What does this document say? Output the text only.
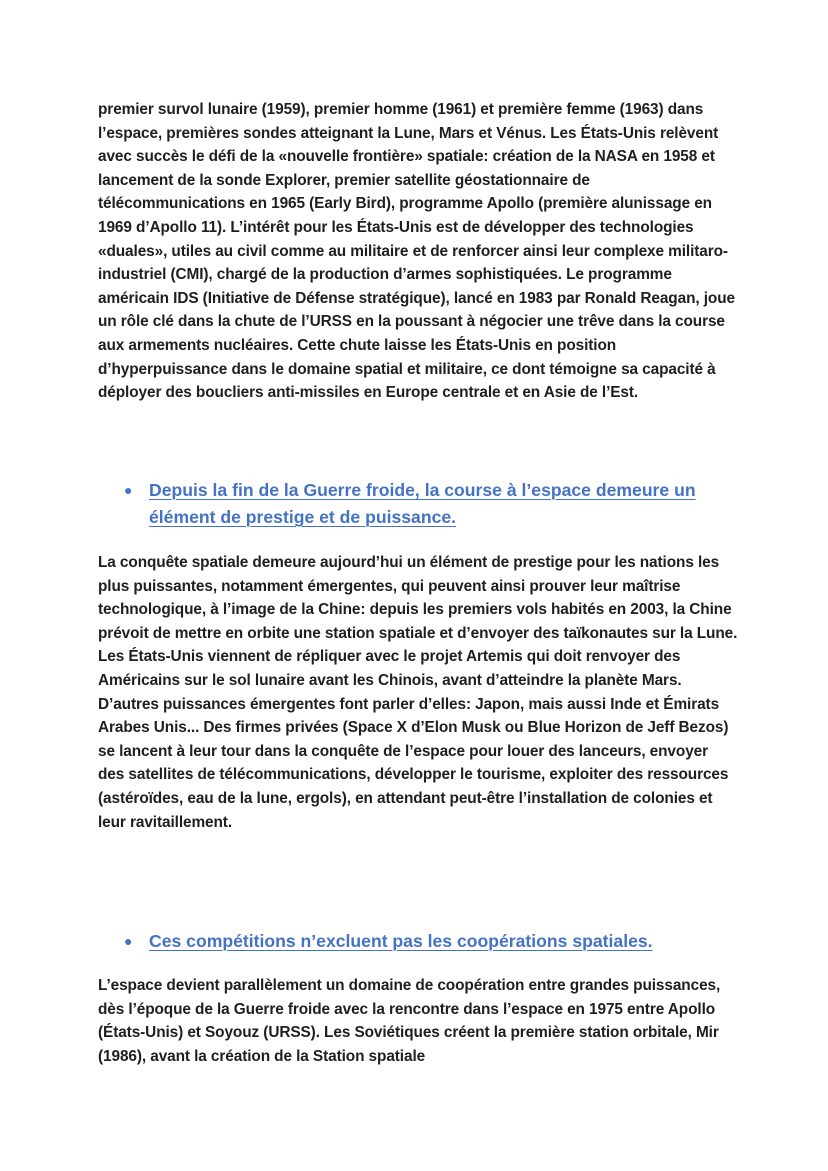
premier survol lunaire (1959), premier homme (1961) et première femme (1963) dans l’espace, premières sondes atteignant la Lune, Mars et Vénus. Les États-Unis relèvent avec succès le défi de la «nouvelle frontière» spatiale: création de la NASA en 1958 et lancement de la sonde Explorer, premier satellite géostationnaire de télécommunications en 1965 (Early Bird), programme Apollo (première alunissage en 1969 d’Apollo 11). L’intérêt pour les États-Unis est de développer des technologies «duales», utiles au civil comme au militaire et de renforcer ainsi leur complexe militaro-industriel (CMI), chargé de la production d’armes sophistiquées. Le programme américain IDS (Initiative de Défense stratégique), lancé en 1983 par Ronald Reagan, joue un rôle clé dans la chute de l’URSS en la poussant à négocier une trêve dans la course aux armements nucléaires. Cette chute laisse les États-Unis en position d’hyperpuissance dans le domaine spatial et militaire, ce dont témoigne sa capacité à déployer des boucliers anti-missiles en Europe centrale et en Asie de l’Est.

● Depuis la fin de la Guerre froide, la course à l’espace demeure un élément de prestige et de puissance.

La conquête spatiale demeure aujourd’hui un élément de prestige pour les nations les plus puissantes, notamment émergentes, qui peuvent ainsi prouver leur maîtrise technologique, à l’image de la Chine: depuis les premiers vols habités en 2003, la Chine prévoit de mettre en orbite une station spatiale et d’envoyer des taïkonautes sur la Lune. Les États-Unis viennent de répliquer avec le projet Artemis qui doit renvoyer des Américains sur le sol lunaire avant les Chinois, avant d’atteindre la planète Mars. D’autres puissances émergentes font parler d’elles: Japon, mais aussi Inde et Émirats Arabes Unis... Des firmes privées (Space X d’Elon Musk ou Blue Horizon de Jeff Bezos) se lancent à leur tour dans la conquête de l’espace pour louer des lanceurs, envoyer des satellites de télécommunications, développer le tourisme, exploiter des ressources (astéroïdes, eau de la lune, ergols), en attendant peut-être l’installation de colonies et leur ravitaillement.

● Ces compétitions n’excluent pas les coopérations spatiales.

L’espace devient parallèlement un domaine de coopération entre grandes puissances, dès l’époque de la Guerre froide avec la rencontre dans l’espace en 1975 entre Apollo (États-Unis) et Soyouz (URSS). Les Soviétiques créent la première station orbitale, Mir (1986), avant la création de la Station spatiale
